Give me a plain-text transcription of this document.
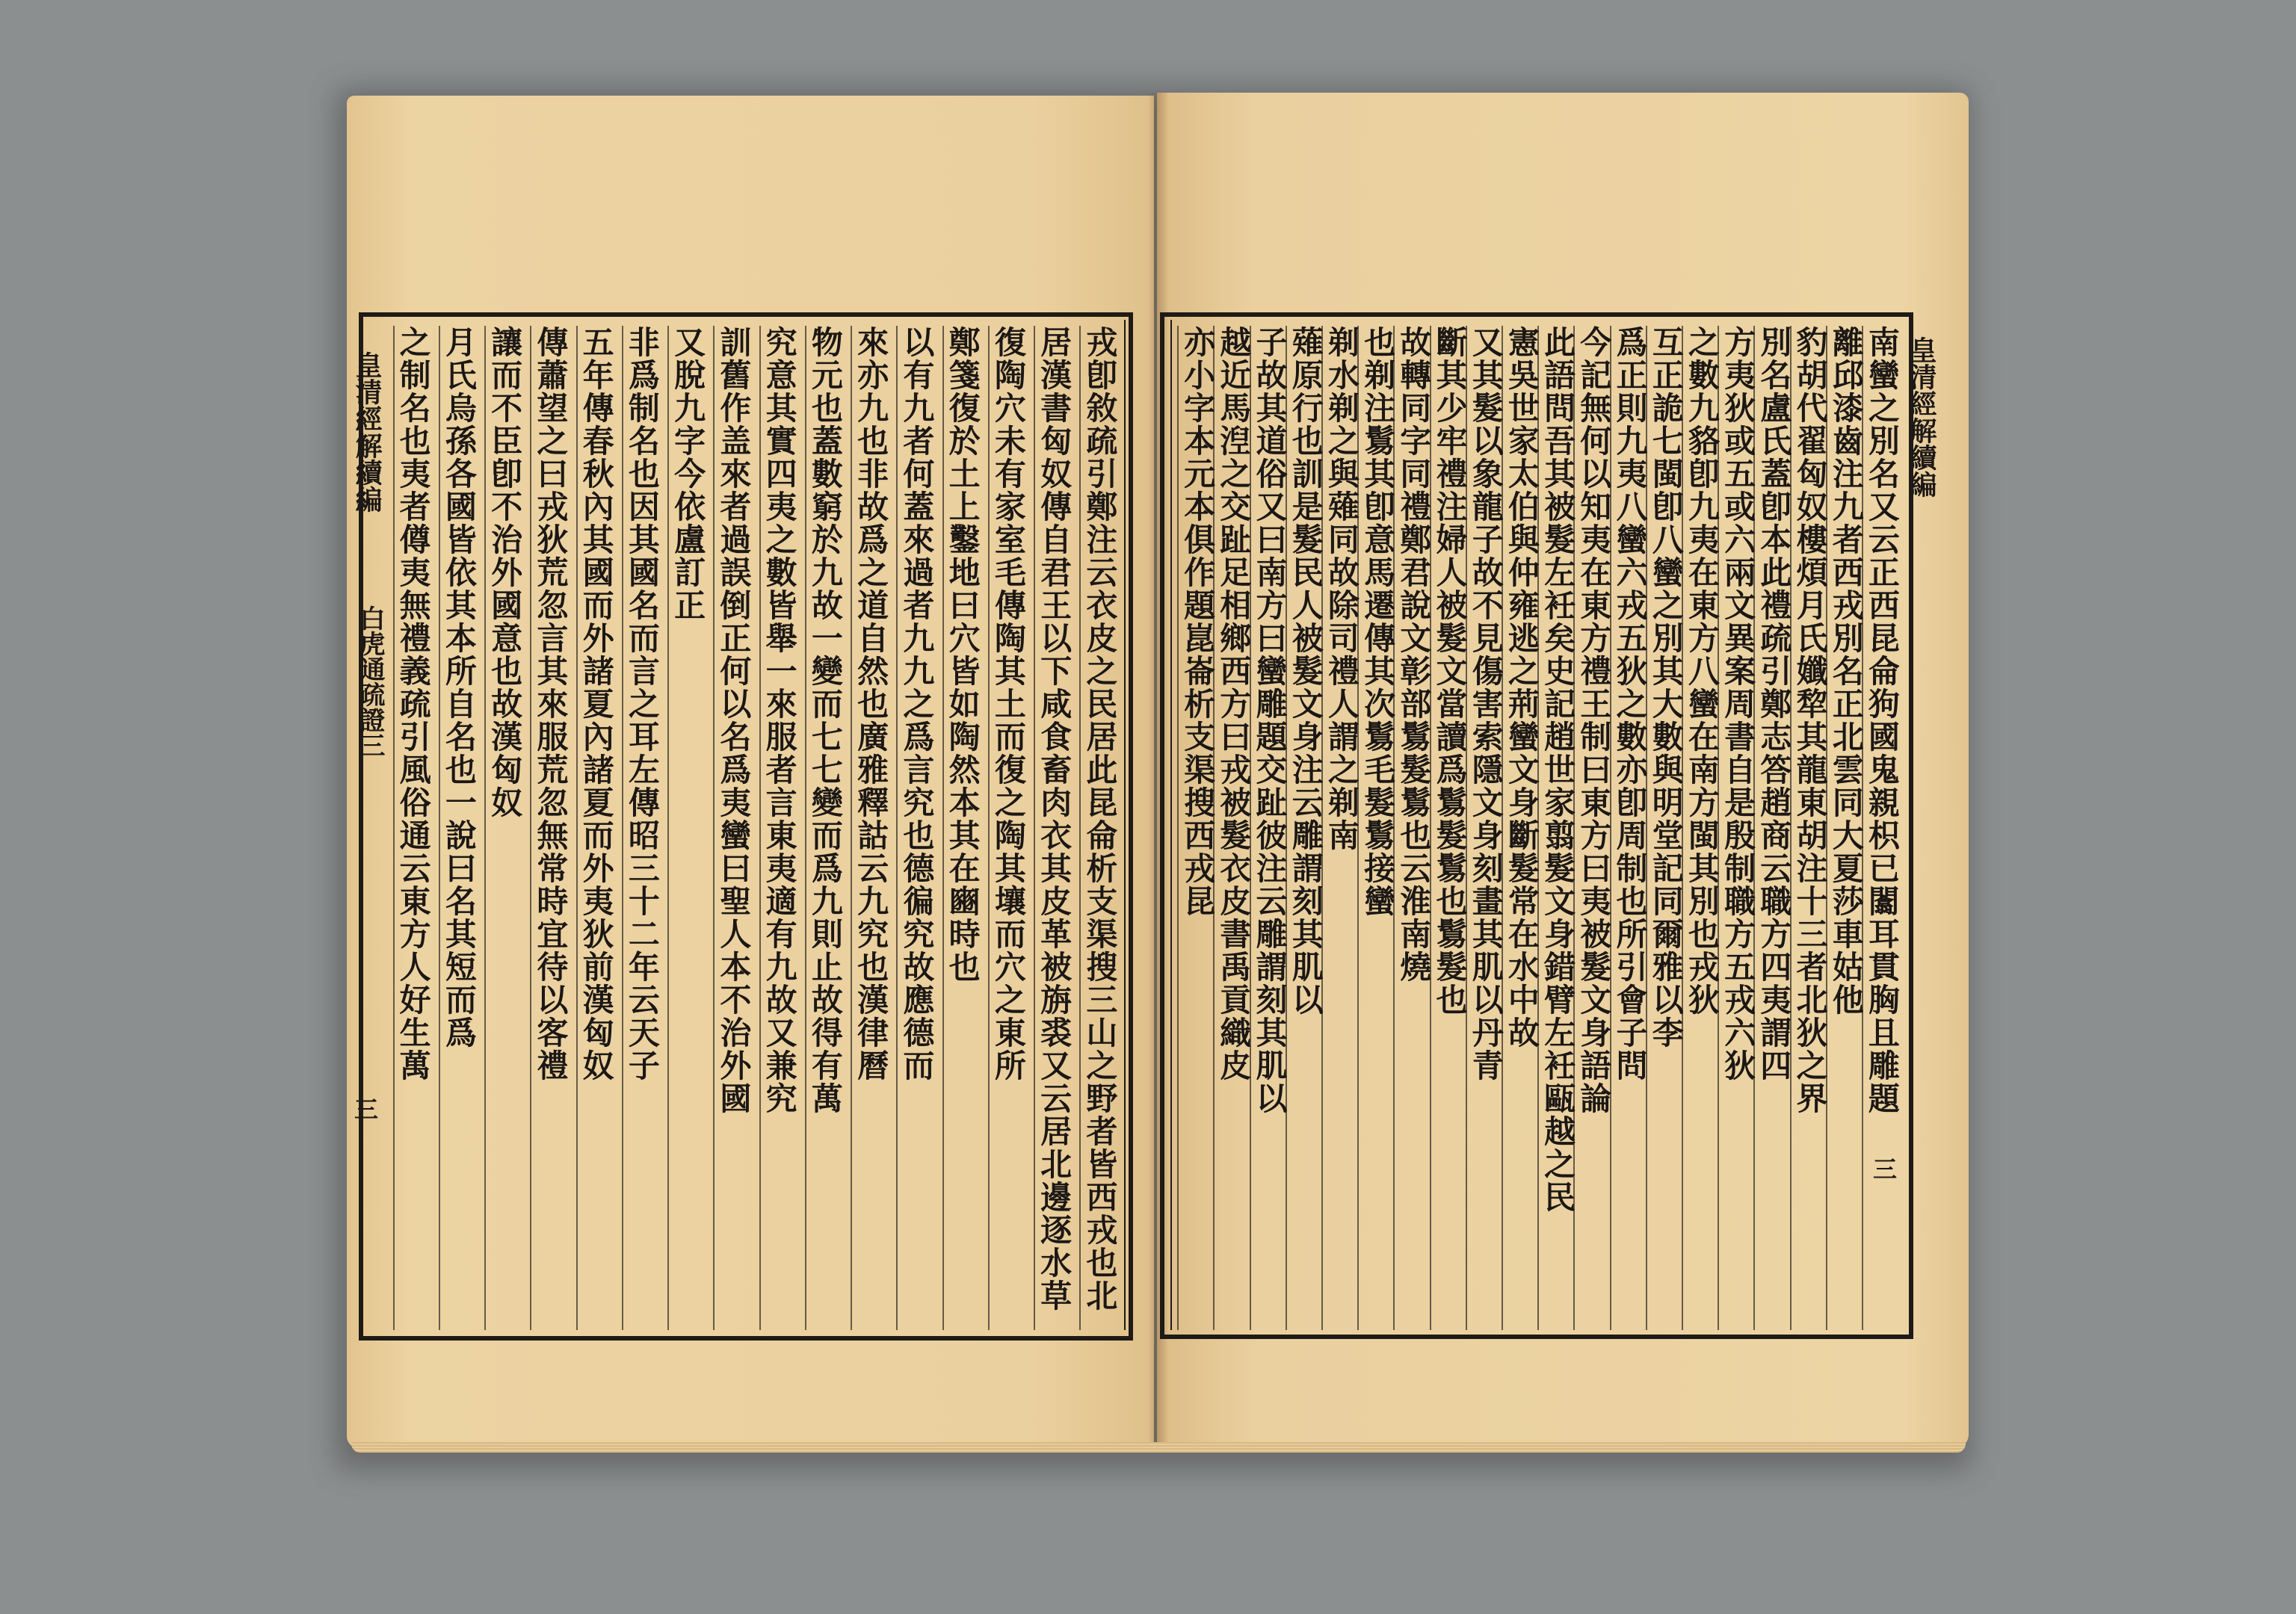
皇清經解續編
白虎通疏證三
三
皇清經解續編
三
戎卽敘疏引鄭注云衣皮之民居此昆侖析支渠搜三山之野者皆西戎也北
居漢書匈奴傳自君王以下咸食畜肉衣其皮革被旃裘又云居北邊逐水草
復陶穴未有家室毛傳陶其土而復之陶其壤而穴之東所
鄭箋復於土上鑿地曰穴皆如陶然本其在豳時也
以有九者何蓋來過者九九之爲言究也德徧究故應德而
來亦九也非故爲之道自然也廣雅釋詁云九究也漢律曆
物元也蓋數窮於九故一變而七七變而爲九則止故得有萬
究意其實四夷之數皆舉一來服者言東夷適有九故又兼究
訓舊作盖來者過誤倒正何以名爲夷蠻曰聖人本不治外國
又脫九字今依盧訂正
非爲制名也因其國名而言之耳左傳昭三十二年云天子
五年傳春秋內其國而外諸夏內諸夏而外夷狄前漢匈奴
傳蕭望之曰戎狄荒忽言其來服荒忽無常時宜待以客禮
讓而不臣卽不治外國意也故漢匈奴
月氏烏孫各國皆依其本所自名也一說曰名其短而爲
之制名也夷者僔夷無禮義疏引風俗通云東方人好生萬	南蠻之別名又云正西昆侖狗國鬼親枳已闟耳貫胸且雕題
離邱漆齒注九者西戎別名正北雲同大夏莎車姑他
豹胡代翟匈奴樓煩月氏孅犂其龍東胡注十三者北狄之界
別名盧氏蓋卽本此禮疏引鄭志答趙商云職方四夷謂四
方夷狄或五或六兩文異案周書自是殷制職方五戎六狄
之數九貉卽九夷在東方八蠻在南方閩其別也戎狄
互正詭七閩卽八蠻之別其大數與明堂記同爾雅以李
爲正則九夷八蠻六戎五狄之數亦卽周制也所引會子問
今記無何以知夷在東方禮王制曰東方曰夷被髮文身語論
此語問吾其被髮左衽矣史記趙世家翦髮文身錯臂左衽甌越之民
憲吳世家太伯與仲雍逃之荊蠻文身斷髮常在水中故
又其髮以象龍子故不見傷害索隱文身刻畫其肌以丹青
斷其少牢禮注婦人被髮文當讀爲鬄髮鬄也鬄髮也
故轉同字同禮鄭君說文彰部鬄髮鬄也云淮南燒
也剃注鬄其卽意馬遷傳其次鬄毛髮鬄接蠻
剃水剃之與薙同故除司禮人謂之剃南
薙原行也訓是髮民人被髮文身注云雕謂刻其肌以
子故其道俗又曰南方曰蠻雕題交趾彼注云雕謂刻其肌以
越近馬湼之交趾足相鄉西方曰戎被髮衣皮書禹貢織皮
亦小字本元本俱作題崑崙析支渠搜西戎昆
